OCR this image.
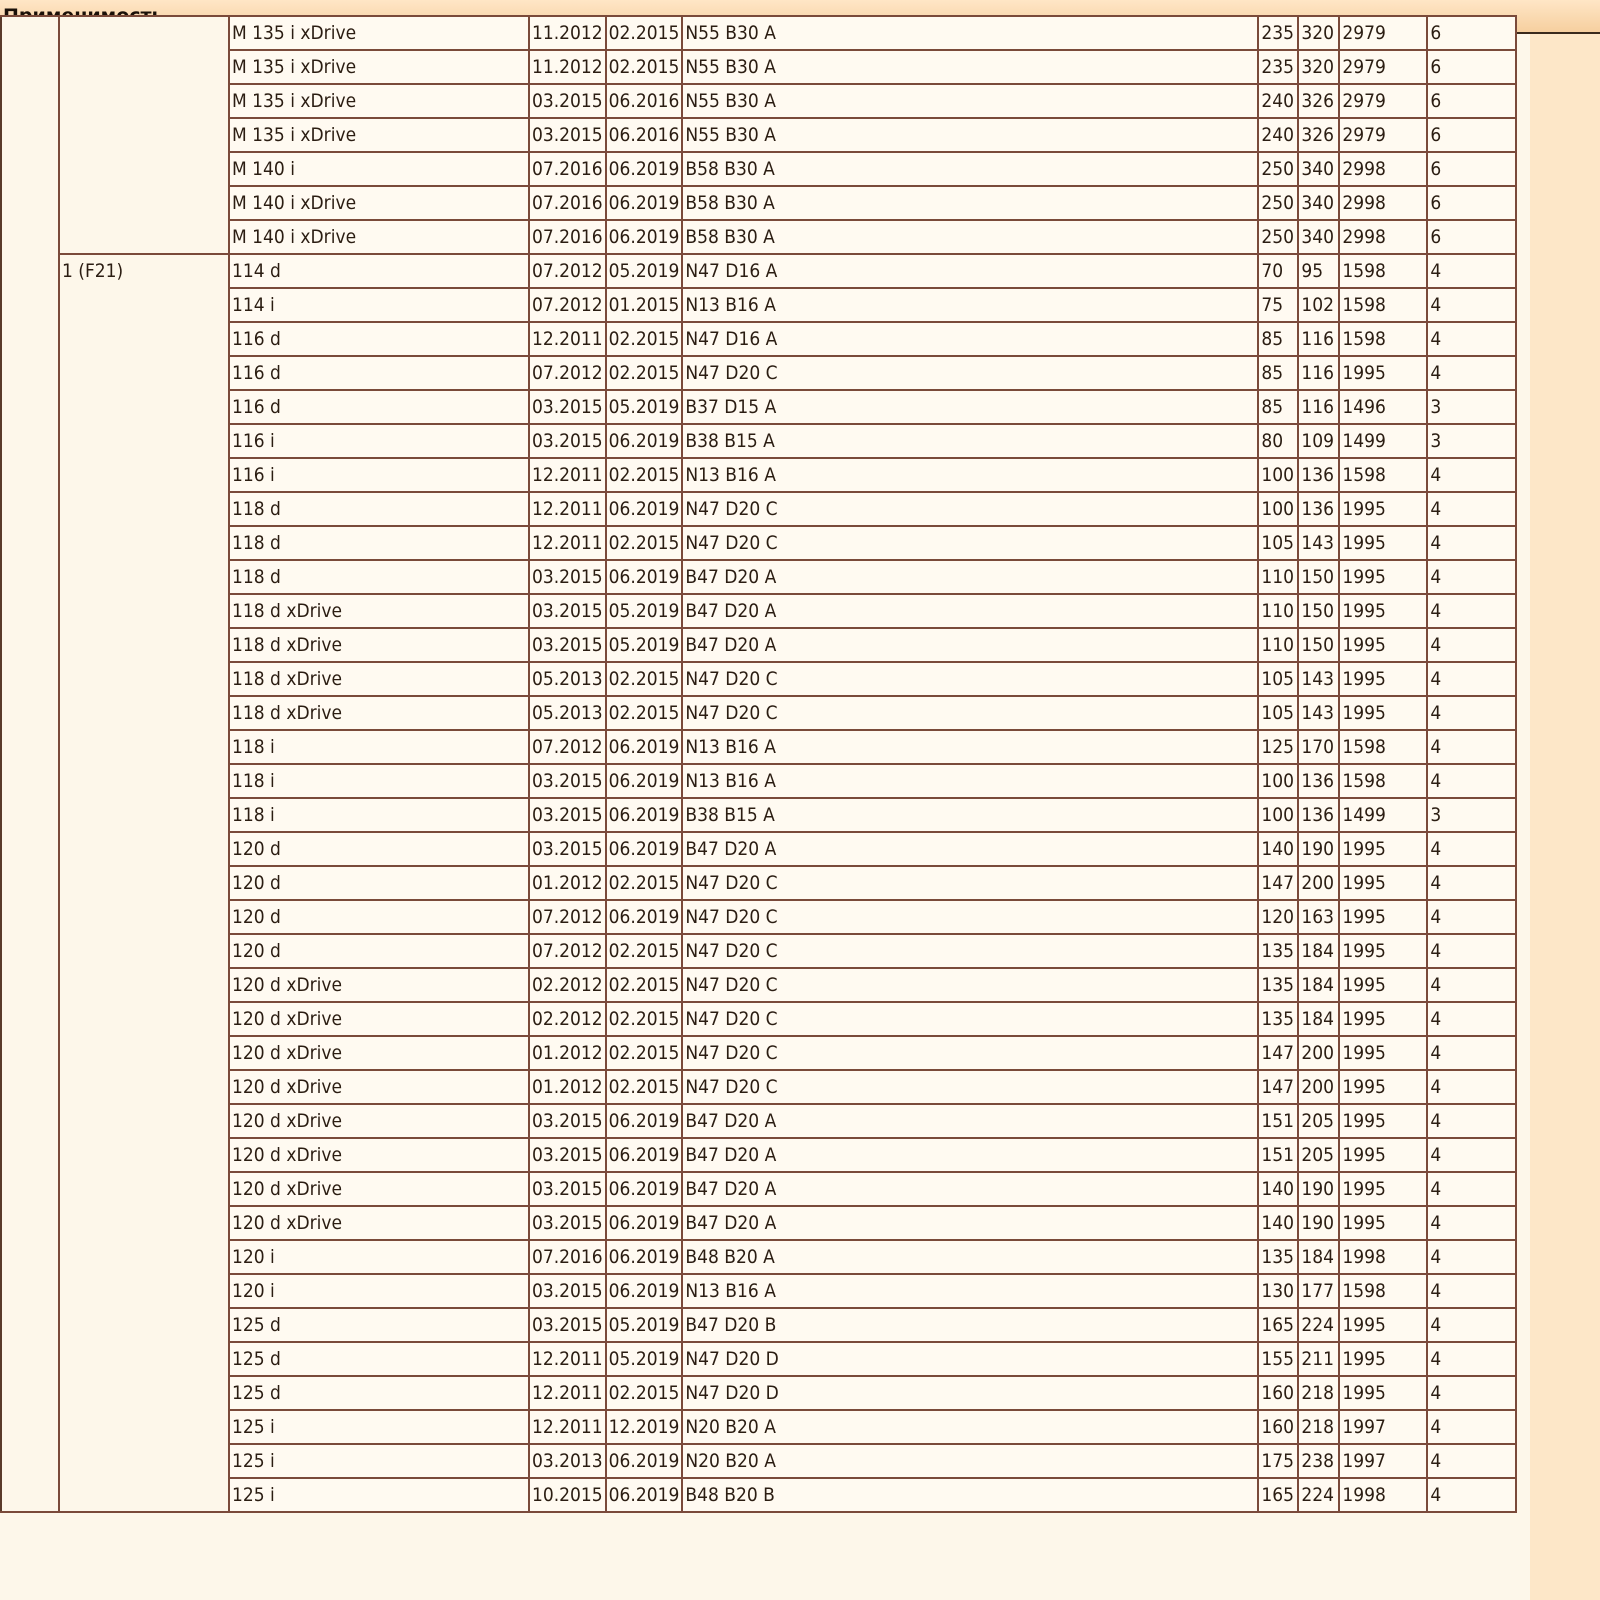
		M 135 i xDrive	11.2012	02.2015	N55 B30 A	235	320	2979	6
		M 135 i xDrive	11.2012	02.2015	N55 B30 A	235	320	2979	6
		M 135 i xDrive	03.2015	06.2016	N55 B30 A	240	326	2979	6
		M 135 i xDrive	03.2015	06.2016	N55 B30 A	240	326	2979	6
		M 140 i	07.2016	06.2019	B58 B30 A	250	340	2998	6
		M 140 i xDrive	07.2016	06.2019	B58 B30 A	250	340	2998	6
		M 140 i xDrive	07.2016	06.2019	B58 B30 A	250	340	2998	6
	1 (F21)	114 d	07.2012	05.2019	N47 D16 A	70	95	1598	4
		114 i	07.2012	01.2015	N13 B16 A	75	102	1598	4
		116 d	12.2011	02.2015	N47 D16 A	85	116	1598	4
		116 d	07.2012	02.2015	N47 D20 C	85	116	1995	4
		116 d	03.2015	05.2019	B37 D15 A	85	116	1496	3
		116 i	03.2015	06.2019	B38 B15 A	80	109	1499	3
		116 i	12.2011	02.2015	N13 B16 A	100	136	1598	4
		118 d	12.2011	06.2019	N47 D20 C	100	136	1995	4
		118 d	12.2011	02.2015	N47 D20 C	105	143	1995	4
		118 d	03.2015	06.2019	B47 D20 A	110	150	1995	4
		118 d xDrive	03.2015	05.2019	B47 D20 A	110	150	1995	4
		118 d xDrive	03.2015	05.2019	B47 D20 A	110	150	1995	4
		118 d xDrive	05.2013	02.2015	N47 D20 C	105	143	1995	4
		118 d xDrive	05.2013	02.2015	N47 D20 C	105	143	1995	4
		118 i	07.2012	06.2019	N13 B16 A	125	170	1598	4
		118 i	03.2015	06.2019	N13 B16 A	100	136	1598	4
		118 i	03.2015	06.2019	B38 B15 A	100	136	1499	3
		120 d	03.2015	06.2019	B47 D20 A	140	190	1995	4
		120 d	01.2012	02.2015	N47 D20 C	147	200	1995	4
		120 d	07.2012	06.2019	N47 D20 C	120	163	1995	4
		120 d	07.2012	02.2015	N47 D20 C	135	184	1995	4
		120 d xDrive	02.2012	02.2015	N47 D20 C	135	184	1995	4
		120 d xDrive	02.2012	02.2015	N47 D20 C	135	184	1995	4
		120 d xDrive	01.2012	02.2015	N47 D20 C	147	200	1995	4
		120 d xDrive	01.2012	02.2015	N47 D20 C	147	200	1995	4
		120 d xDrive	03.2015	06.2019	B47 D20 A	151	205	1995	4
		120 d xDrive	03.2015	06.2019	B47 D20 A	151	205	1995	4
		120 d xDrive	03.2015	06.2019	B47 D20 A	140	190	1995	4
		120 d xDrive	03.2015	06.2019	B47 D20 A	140	190	1995	4
		120 i	07.2016	06.2019	B48 B20 A	135	184	1998	4
		120 i	03.2015	06.2019	N13 B16 A	130	177	1598	4
		125 d	03.2015	05.2019	B47 D20 B	165	224	1995	4
		125 d	12.2011	05.2019	N47 D20 D	155	211	1995	4
		125 d	12.2011	02.2015	N47 D20 D	160	218	1995	4
		125 i	12.2011	12.2019	N20 B20 A	160	218	1997	4
		125 i	03.2013	06.2019	N20 B20 A	175	238	1997	4
		125 i	10.2015	06.2019	B48 B20 B	165	224	1998	4
